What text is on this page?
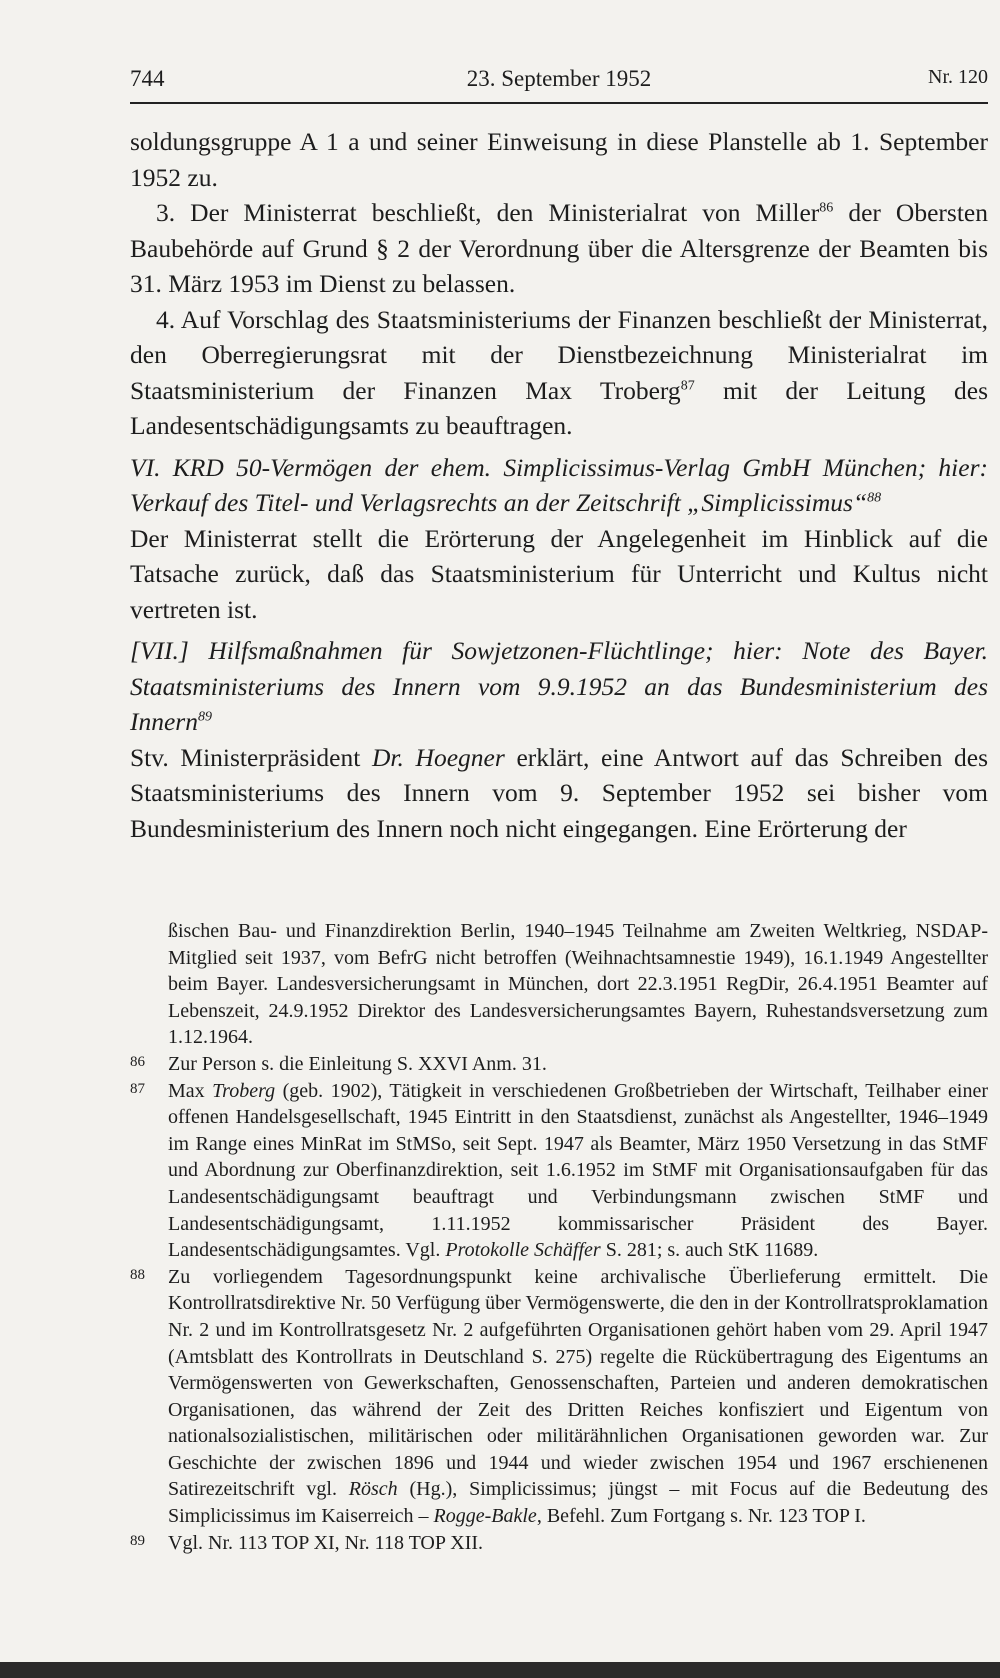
744	23. September 1952	Nr. 120

soldungsgruppe A 1 a und seiner Einweisung in diese Planstelle ab 1. September 1952 zu.

3. Der Ministerrat beschließt, den Ministerialrat von Miller$^{86}$ der Obersten Baubehörde auf Grund § 2 der Verordnung über die Altersgrenze der Beamten bis 31. März 1953 im Dienst zu belassen.

4. Auf Vorschlag des Staatsministeriums der Finanzen beschließt der Ministerrat, den Oberregierungsrat mit der Dienstbezeichnung Ministerialrat im Staatsministerium der Finanzen Max Troberg$^{87}$ mit der Leitung des Landesentschädigungsamts zu beauftragen.

VI. KRD 50-Vermögen der ehem. Simplicissimus-Verlag GmbH München; hier: Verkauf des Titel- und Verlagsrechts an der Zeitschrift „Simplicissimus“$^{88}$

Der Ministerrat stellt die Erörterung der Angelegenheit im Hinblick auf die Tatsache zurück, daß das Staatsministerium für Unterricht und Kultus nicht vertreten ist.

[VII.] Hilfsmaßnahmen für Sowjetzonen-Flüchtlinge; hier: Note des Bayer. Staatsministeriums des Innern vom 9.9.1952 an das Bundesministerium des Innern$^{89}$

Stv. Ministerpräsident Dr. Hoegner erklärt, eine Antwort auf das Schreiben des Staatsministeriums des Innern vom 9. September 1952 sei bisher vom Bundesministerium des Innern noch nicht eingegangen. Eine Erörterung der

ßischen Bau- und Finanzdirektion Berlin, 1940–1945 Teilnahme am Zweiten Weltkrieg, NSDAP-Mitglied seit 1937, vom BefrG nicht betroffen (Weihnachtsamnestie 1949), 16.1.1949 Angestellter beim Bayer. Landesversicherungsamt in München, dort 22.3.1951 RegDir, 26.4.1951 Beamter auf Lebenszeit, 24.9.1952 Direktor des Landesversicherungsamtes Bayern, Ruhestandsversetzung zum 1.12.1964.

86 Zur Person s. die Einleitung S. XXVI Anm. 31.

87 Max Troberg (geb. 1902), Tätigkeit in verschiedenen Großbetrieben der Wirtschaft, Teilhaber einer offenen Handelsgesellschaft, 1945 Eintritt in den Staatsdienst, zunächst als Angestellter, 1946–1949 im Range eines MinRat im StMSo, seit Sept. 1947 als Beamter, März 1950 Versetzung in das StMF und Abordnung zur Oberfinanzdirektion, seit 1.6.1952 im StMF mit Organisationsaufgaben für das Landesentschädigungsamt beauftragt und Verbindungsmann zwischen StMF und Landesentschädigungsamt, 1.11.1952 kommissarischer Präsident des Bayer. Landesentschädigungsamtes. Vgl. Protokolle Schäffer S. 281; s. auch StK 11689.

88 Zu vorliegendem Tagesordnungspunkt keine archivalische Überlieferung ermittelt. Die Kontrollratsdirektive Nr. 50 Verfügung über Vermögenswerte, die den in der Kontrollratsproklamation Nr. 2 und im Kontrollratsgesetz Nr. 2 aufgeführten Organisationen gehört haben vom 29. April 1947 (Amtsblatt des Kontrollrats in Deutschland S. 275) regelte die Rückübertragung des Eigentums an Vermögenswerten von Gewerkschaften, Genossenschaften, Parteien und anderen demokratischen Organisationen, das während der Zeit des Dritten Reiches konfisziert und Eigentum von nationalsozialistischen, militärischen oder militärähnlichen Organisationen geworden war. Zur Geschichte der zwischen 1896 und 1944 und wieder zwischen 1954 und 1967 erschienenen Satirezeitschrift vgl. Rösch (Hg.), Simplicissimus; jüngst – mit Focus auf die Bedeutung des Simplicissimus im Kaiserreich – Rogge-Bakle, Befehl. Zum Fortgang s. Nr. 123 TOP I.

89 Vgl. Nr. 113 TOP XI, Nr. 118 TOP XII.
